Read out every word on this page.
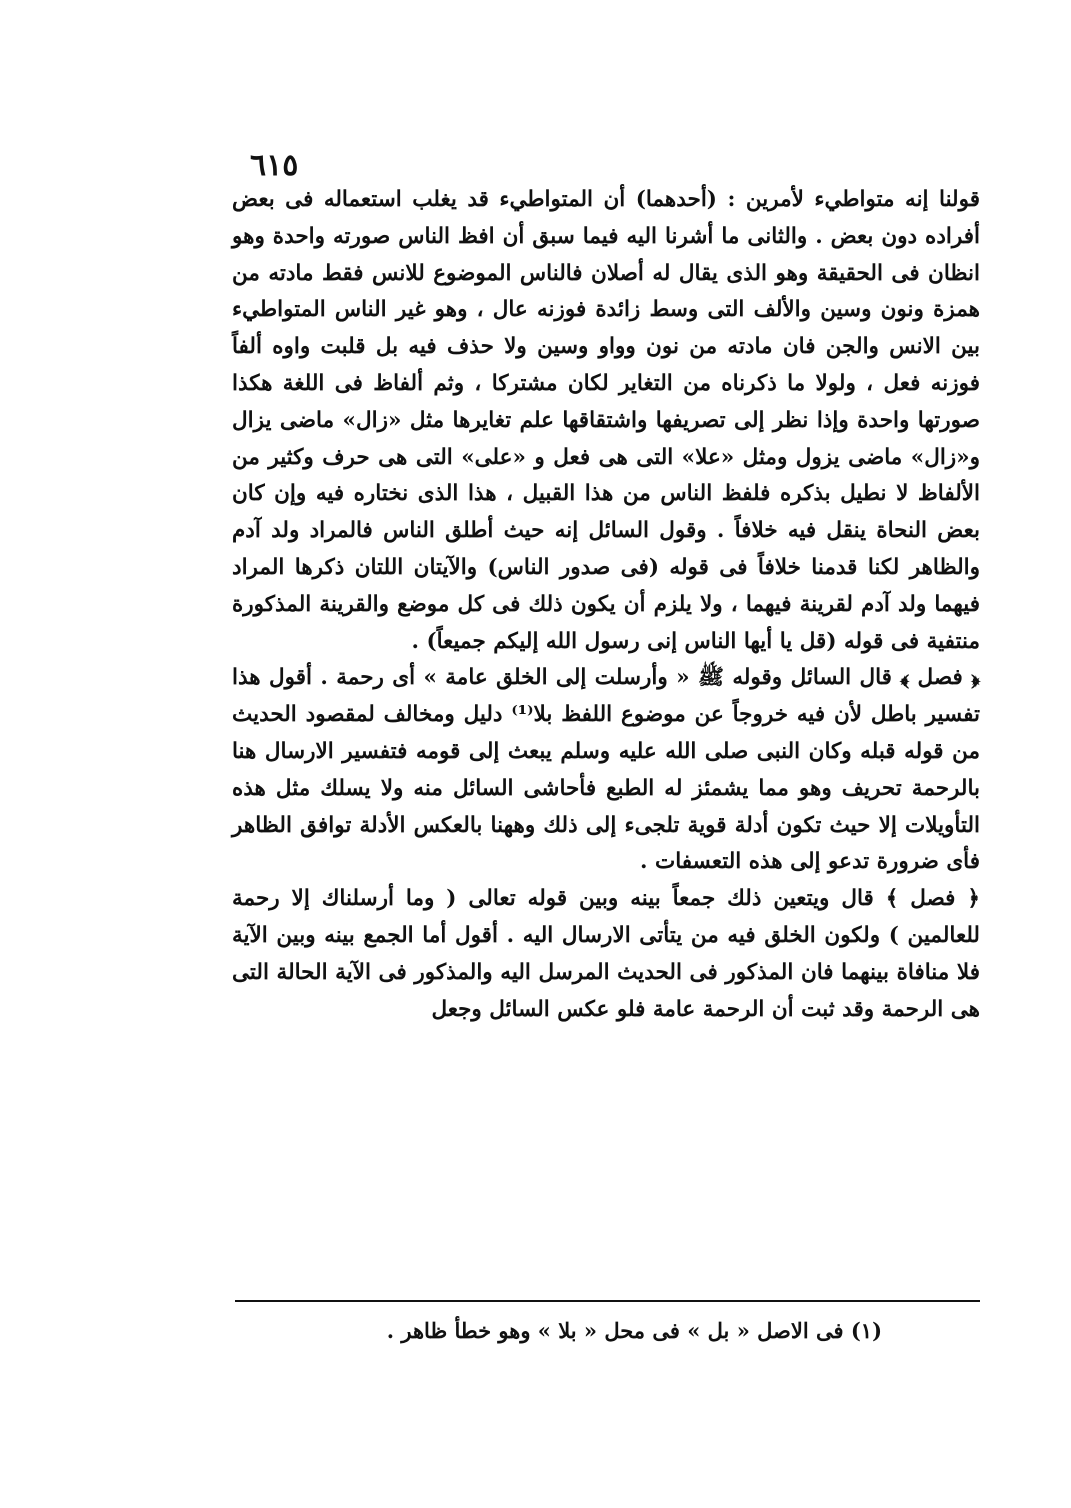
٦١٥

قولنا إنه متواطيء لأمرين : (أحدهما) أن المتواطيء قد يغلب استعماله فى بعض أفراده دون بعض . والثانى ما أشرنا اليه فيما سبق أن افظ الناس صورته واحدة وهو انظان فى الحقيقة وهو الذى يقال له أصلان فالناس الموضوع للانس فقط مادته من همزة ونون وسين والألف التى وسط زائدة فوزنه عال ، وهو غير الناس المتواطيء بين الانس والجن فان مادته من نون وواو وسين ولا حذف فيه بل قلبت واوه ألفاً فوزنه فعل ، ولولا ما ذكرناه من التغاير لكان مشتركا ، وثم ألفاظ فى اللغة هكذا صورتها واحدة وإذا نظر إلى تصريفها واشتقاقها علم تغايرها مثل «زال» ماضى يزال و«زال» ماضى يزول ومثل «علا» التى هى فعل و «على» التى هى حرف وكثير من الألفاظ لا نطيل بذكره فلفظ الناس من هذا القبيل ، هذا الذى نختاره فيه وإن كان بعض النحاة ينقل فيه خلافاً . وقول السائل إنه حيث أطلق الناس فالمراد ولد آدم والظاهر لكنا قدمنا خلافاً فى قوله (فى صدور الناس) والآيتان اللتان ذكرها المراد فيهما ولد آدم لقرينة فيهما ، ولا يلزم أن يكون ذلك فى كل موضع والقرينة المذكورة منتفية فى قوله (قل يا أيها الناس إنى رسول الله إليكم جميعاً) .

﴿ فصل ﴾ قال السائل وقوله ﷺ « وأرسلت إلى الخلق عامة » أى رحمة . أقول هذا تفسير باطل لأن فيه خروجاً عن موضوع اللفظ بلا⁽¹⁾ دليل ومخالف لمقصود الحديث من قوله قبله وكان النبى صلى الله عليه وسلم يبعث إلى قومه فتفسير الارسال هنا بالرحمة تحريف وهو مما يشمئز له الطبع فأحاشى السائل منه ولا يسلك مثل هذه التأويلات إلا حيث تكون أدلة قوية تلجىء إلى ذلك وههنا بالعكس الأدلة توافق الظاهر فأى ضرورة تدعو إلى هذه التعسفات .

﴿ فصل ﴾ قال ويتعين ذلك جمعاً بينه وبين قوله تعالى ( وما أرسلناك إلا رحمة للعالمين ) ولكون الخلق فيه من يتأتى الارسال اليه . أقول أما الجمع بينه وبين الآية فلا منافاة بينهما فان المذكور فى الحديث المرسل اليه والمذكور فى الآية الحالة التى هى الرحمة وقد ثبت أن الرحمة عامة فلو عكس السائل وجعل

(١) فى الاصل « بل » فى محل « بلا » وهو خطأ ظاهر .
